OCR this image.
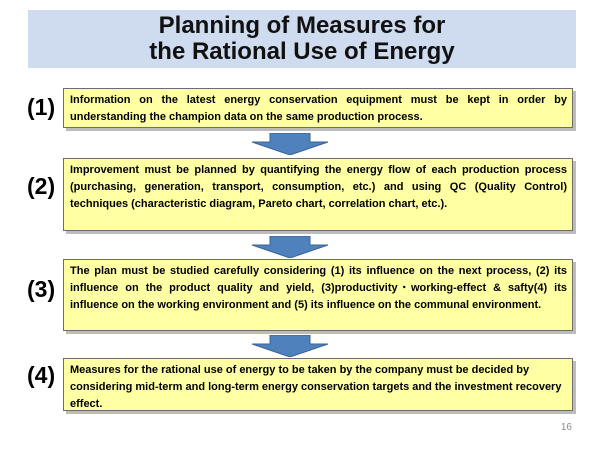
Planning of Measures for
the Rational Use of Energy
(1)	Information on the latest energy conservation equipment must be kept in order by understanding the champion data on the same production process.
(2)
Improvement must be planned by quantifying the energy flow of each production process (purchasing, generation, transport, consumption, etc.) and using QC (Quality Control) techniques (characteristic diagram, Pareto chart, correlation chart, etc.).
(3)
The plan must be studied carefully considering (1) its influence on the next process, (2) its influence on the product quality and yield, (3)productivity･working-effect & safty(4) its influence on the working environment and (5) its influence on the communal environment.
(4)	Measures for the rational use of energy to be taken by the company must be decided by considering mid-term and long-term energy conservation targets and the investment recovery effect.
16
